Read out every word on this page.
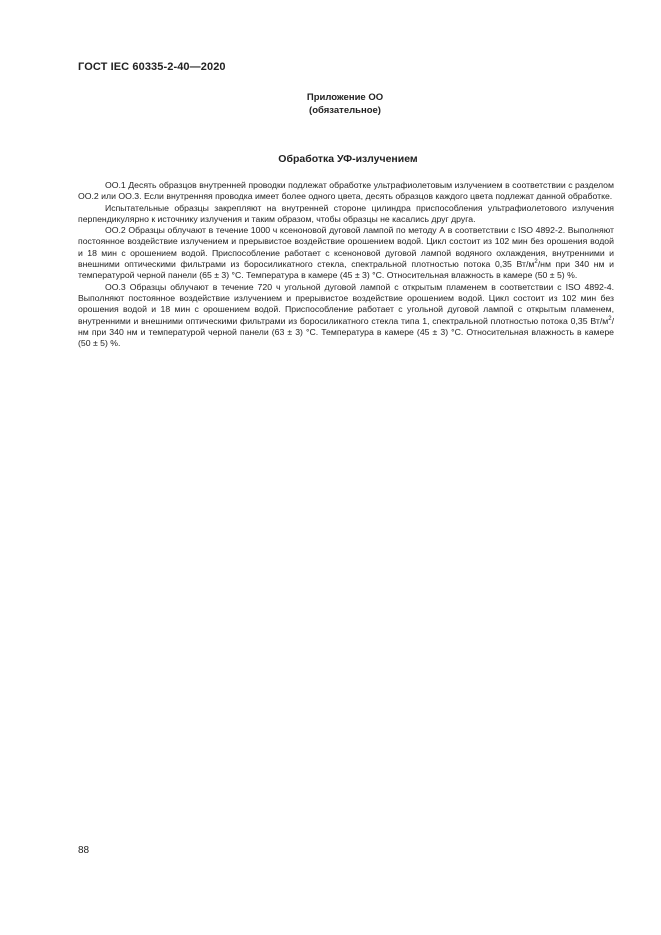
ГОСТ IEC 60335-2-40—2020
Приложение ОО
(обязательное)
Обработка УФ-излучением

ОО.1 Десять образцов внутренней проводки подлежат обработке ультрафиолетовым излучением в соответствии с разделом ОО.2 или ОО.3. Если внутренняя проводка имеет более одного цвета, десять образцов каждого цвета подлежат данной обработке.

Испытательные образцы закрепляют на внутренней стороне цилиндра приспособления ультрафиолетового излучения перпендикулярно к источнику излучения и таким образом, чтобы образцы не касались друг друга.

ОО.2 Образцы облучают в течение 1000 ч ксеноновой дуговой лампой по методу А в соответствии с ISO 4892-2. Выполняют постоянное воздействие излучением и прерывистое воздействие орошением водой. Цикл состоит из 102 мин без орошения водой и 18 мин с орошением водой. Приспособление работает с ксеноновой дуговой лампой водяного охлаждения, внутренними и внешними оптическими фильтрами из боросиликатного стекла, спектральной плотностью потока 0,35 $Вт/м^2/нм$ при 340 нм и температурой черной панели (65 ± 3) °С. Температура в камере (45 ± 3) °С. Относительная влажность в камере (50 ± 5) %.

ОО.3 Образцы облучают в течение 720 ч угольной дуговой лампой с открытым пламенем в соответствии с ISO 4892-4. Выполняют постоянное воздействие излучением и прерывистое воздействие орошением водой. Цикл состоит из 102 мин без орошения водой и 18 мин с орошением водой. Приспособление работает с угольной дуговой лампой с открытым пламенем, внутренними и внешними оптическими фильтрами из боросиликатного стекла типа 1, спектральной плотностью потока 0,35 $Вт/м^2/нм$ при 340 нм и температурой черной панели (63 ± 3) °С. Температура в камере (45 ± 3) °С. Относительная влажность в камере (50 ± 5) %.

88
